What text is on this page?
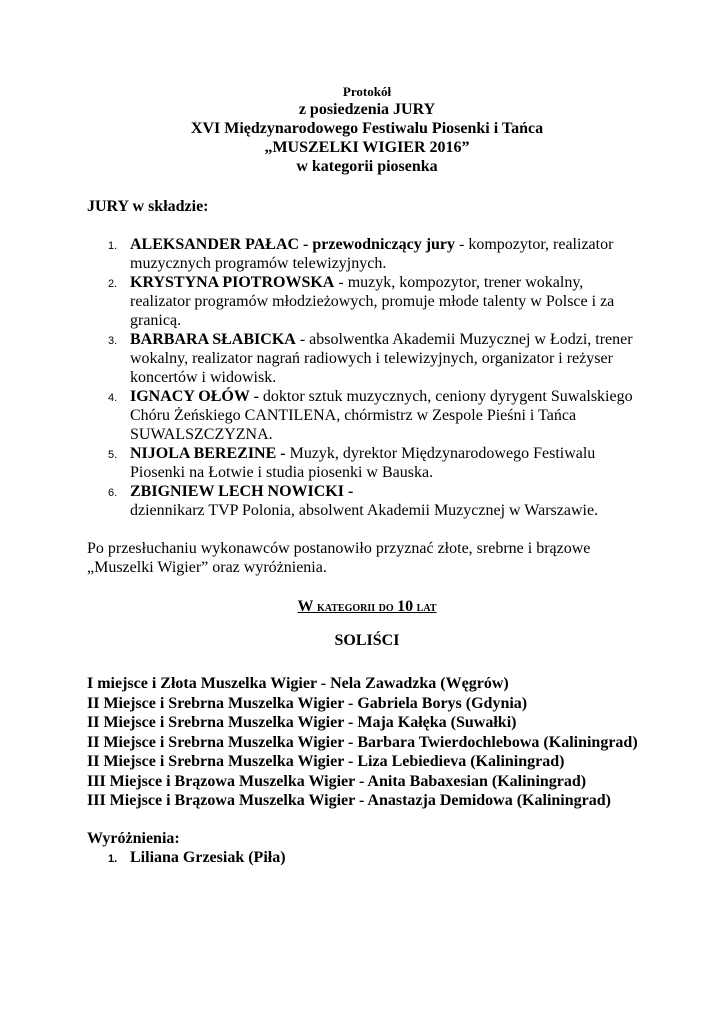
Protokół
z posiedzenia JURY
XVI Międzynarodowego Festiwalu Piosenki i Tańca
„MUSZELKI WIGIER 2016”
w kategorii piosenka
JURY w składzie:
1. ALEKSANDER PAŁAC - przewodniczący jury - kompozytor, realizator muzycznych programów telewizyjnych.
2. KRYSTYNA PIOTROWSKA - muzyk, kompozytor, trener wokalny, realizator programów młodzieżowych, promuje młode talenty w Polsce i za granicą.
3. BARBARA SŁABICKA - absolwentka Akademii Muzycznej w Łodzi, trener wokalny, realizator nagrań radiowych i telewizyjnych, organizator i reżyser koncertów i widowisk.
4. IGNACY OŁÓW - doktor sztuk muzycznych, ceniony dyrygent Suwalskiego Chóru Żeńskiego CANTILENA, chórmistrz w Zespole Pieśni i Tańca SUWALSZCZYZNA.
5. NIJOLA BEREZINE - Muzyk, dyrektor Międzynarodowego Festiwalu Piosenki na Łotwie i studia piosenki w Bauska.
6. ZBIGNIEW LECH NOWICKI -
dziennikarz TVP Polonia, absolwent Akademii Muzycznej w Warszawie.

Po przesłuchaniu wykonawców postanowiło przyznać złote, srebrne i brązowe „Muszelki Wigier” oraz wyróżnienia.

W kategorii do 10 lat
SOLIŚCI
I miejsce i Złota Muszelka Wigier - Nela Zawadzka (Węgrów)
II Miejsce i Srebrna Muszelka Wigier - Gabriela Borys (Gdynia)
II Miejsce i Srebrna Muszelka Wigier - Maja Kałęka (Suwałki)
II Miejsce i Srebrna Muszelka Wigier - Barbara Twierdochlebowa (Kaliningrad)
II Miejsce i Srebrna Muszelka Wigier - Liza Lebiedieva (Kaliningrad)
III Miejsce i Brązowa Muszelka Wigier - Anita Babaxesian (Kaliningrad)
III Miejsce i Brązowa Muszelka Wigier - Anastazja Demidowa (Kaliningrad)
Wyróżnienia:
1. Liliana Grzesiak (Piła)
